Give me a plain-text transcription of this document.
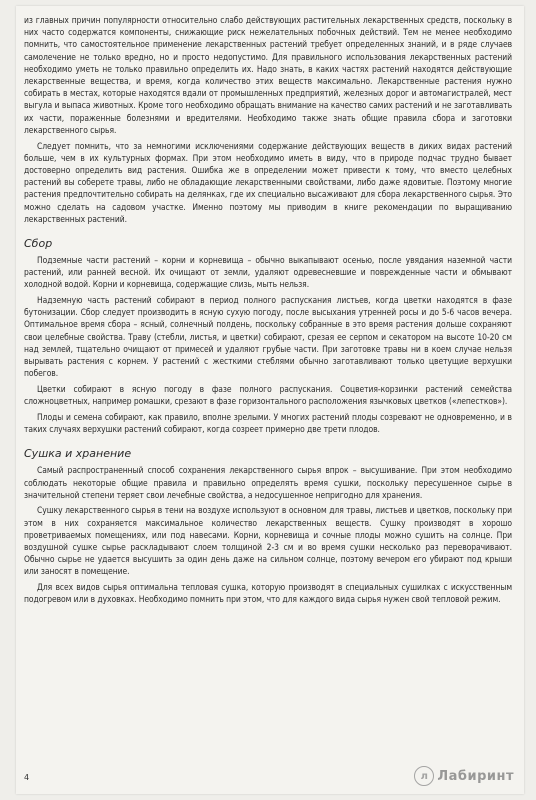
из главных причин популярности относительно слабо действующих растительных лекарственных средств, поскольку в них часто содержатся компоненты, снижающие риск нежелательных побочных действий. Тем не менее необходимо помнить, что самостоятельное применение лекарственных растений требует определенных знаний, и в ряде случаев самолечение не только вредно, но и просто недопустимо. Для правильного использования лекарственных растений необходимо уметь не только правильно определить их. Надо знать, в каких частях растений находятся действующие лекарственные вещества, и время, когда количество этих веществ максимально. Лекарственные растения нужно собирать в местах, которые находятся вдали от промышленных предприятий, железных дорог и автомагистралей, мест выгула и выпаса животных. Кроме того необходимо обращать внимание на качество самих растений и не заготавливать их части, пораженные болезнями и вредителями. Необходимо также знать общие правила сбора и заготовки лекарственного сырья.

Следует помнить, что за немногими исключениями содержание действующих веществ в диких видах растений больше, чем в их культурных формах. При этом необходимо иметь в виду, что в природе подчас трудно бывает достоверно определить вид растения. Ошибка же в определении может привести к тому, что вместо целебных растений вы соберете травы, либо не обладающие лекарственными свойствами, либо даже ядовитые. Поэтому многие растения предпочтительно собирать на делянках, где их специально высаживают для сбора лекарственного сырья. Это можно сделать на садовом участке. Именно поэтому мы приводим в книге рекомендации по выращиванию лекарственных растений.

Сбор

Подземные части растений – корни и корневища – обычно выкапывают осенью, после увядания наземной части растений, или ранней весной. Их очищают от земли, удаляют одревесневшие и поврежденные части и обмывают холодной водой. Корни и корневища, содержащие слизь, мыть нельзя.

Надземную часть растений собирают в период полного распускания листьев, когда цветки находятся в фазе бутонизации. Сбор следует производить в ясную сухую погоду, после высыхания утренней росы и до 5-6 часов вечера. Оптимальное время сбора – ясный, солнечный полдень, поскольку собранные в это время растения дольше сохраняют свои целебные свойства. Траву (стебли, листья, и цветки) собирают, срезая ее серпом и секатором на высоте 10-20 см над землей, тщательно очищают от примесей и удаляют грубые части. При заготовке травы ни в коем случае нельзя вырывать растения с корнем. У растений с жесткими стеблями обычно заготавливают только цветущие верхушки побегов.

Цветки собирают в ясную погоду в фазе полного распускания. Соцветия-корзинки растений семейства сложноцветных, например ромашки, срезают в фазе горизонтального расположения язычковых цветков («лепестков»).

Плоды и семена собирают, как правило, вполне зрелыми. У многих растений плоды созревают не одновременно, и в таких случаях верхушки растений собирают, когда созреет примерно две трети плодов.

Сушка и хранение

Самый распространенный способ сохранения лекарственного сырья впрок – высушивание. При этом необходимо соблюдать некоторые общие правила и правильно определять время сушки, поскольку пересушенное сырье в значительной степени теряет свои лечебные свойства, а недосушенное непригодно для хранения.

Сушку лекарственного сырья в тени на воздухе используют в основном для травы, листьев и цветков, поскольку при этом в них сохраняется максимальное количество лекарственных веществ. Сушку производят в хорошо проветриваемых помещениях, или под навесами. Корни, корневища и сочные плоды можно сушить на солнце. При воздушной сушке сырье раскладывают слоем толщиной 2-3 см и во время сушки несколько раз переворачивают. Обычно сырье не удается высушить за один день даже на сильном солнце, поэтому вечером его убирают под крыши или заносят в помещение.

Для всех видов сырья оптимальна тепловая сушка, которую производят в специальных сушилках с искусственным подогревом или в духовках. Необходимо помнить при этом, что для каждого вида сырья нужен свой тепловой режим.

4	л Лабиринт
